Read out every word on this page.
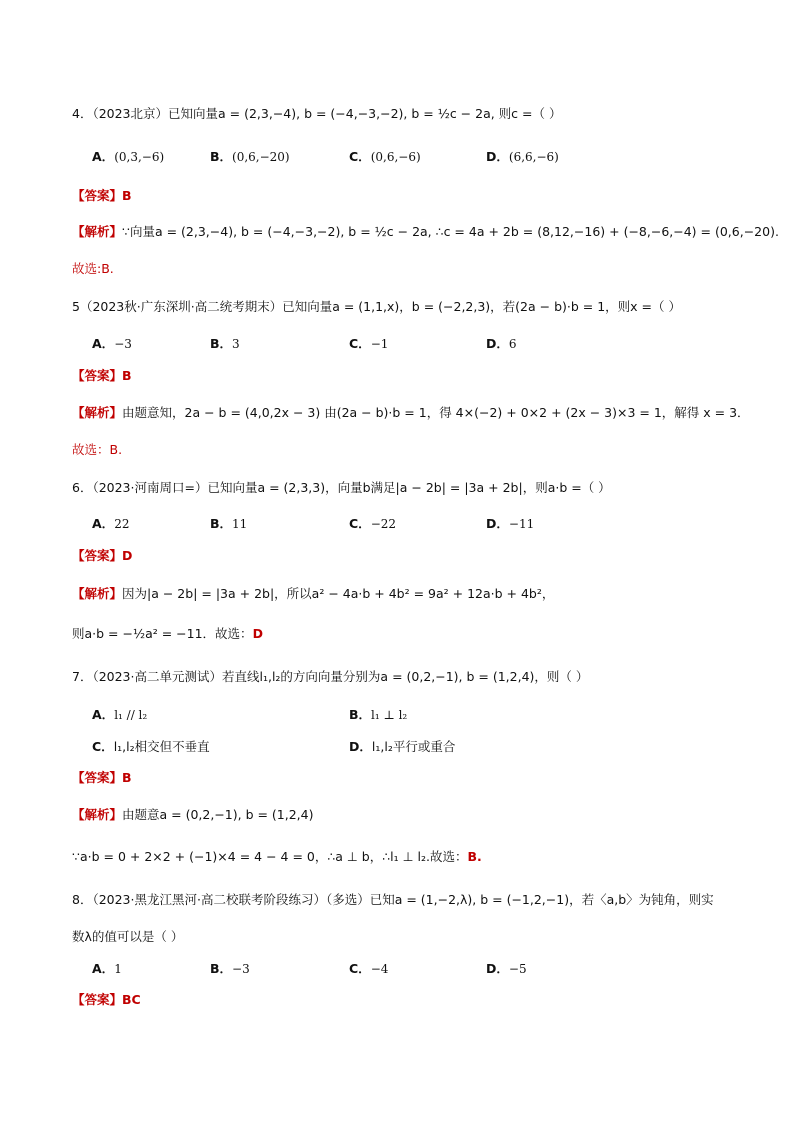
4．（2023北京）已知向量a = (2,3,−4), b = (−4,−3,−2), b = ½c − 2a, 则c =（ ）
A．(0,3,−6)	B．(0,6,−20)	C．(0,6,−6)	D．(6,6,−6)
【答案】B
【解析】∵向量a = (2,3,−4), b = (−4,−3,−2), b = ½c − 2a, ∴c = 4a + 2b = (8,12,−16) + (−8,−6,−4) = (0,6,−20).
故选:B.
5（2023秋·广东深圳·高二统考期末）已知向量a = (1,1,x)，b = (−2,2,3)，若(2a − b)·b = 1，则x =（ ）
A．−3	B．3	C．−1	D．6
【答案】B
【解析】由题意知，2a − b = (4,0,2x − 3) 由(2a − b)·b = 1，得 4×(−2) + 0×2 + (2x − 3)×3 = 1，解得 x = 3．
故选：B.
6．（2023·河南周口=）已知向量a = (2,3,3)，向量b满足|a − 2b| = |3a + 2b|，则a·b =（ ）
A．22	B．11	C．−22	D．−11
【答案】D
【解析】因为|a − 2b| = |3a + 2b|，所以a² − 4a·b + 4b² = 9a² + 12a·b + 4b²，
则a·b = −½a² = −11．故选：D
7．（2023·高二单元测试）若直线l₁,l₂的方向向量分别为a = (0,2,−1), b = (1,2,4)，则（ ）
A．l₁ // l₂	B．l₁ ⊥ l₂
C．l₁,l₂相交但不垂直	D．l₁,l₂平行或重合
【答案】B
【解析】由题意a = (0,2,−1), b = (1,2,4)
∵a·b = 0 + 2×2 + (−1)×4 = 4 − 4 = 0，∴a ⊥ b，∴l₁ ⊥ l₂.故选：B.
8．（2023·黑龙江黑河·高二校联考阶段练习）（多选）已知a = (1,−2,λ), b = (−1,2,−1)，若〈a,b〉为钝角，则实
数λ的值可以是（ ）
A．1	B．−3	C．−4	D．−5
【答案】BC
